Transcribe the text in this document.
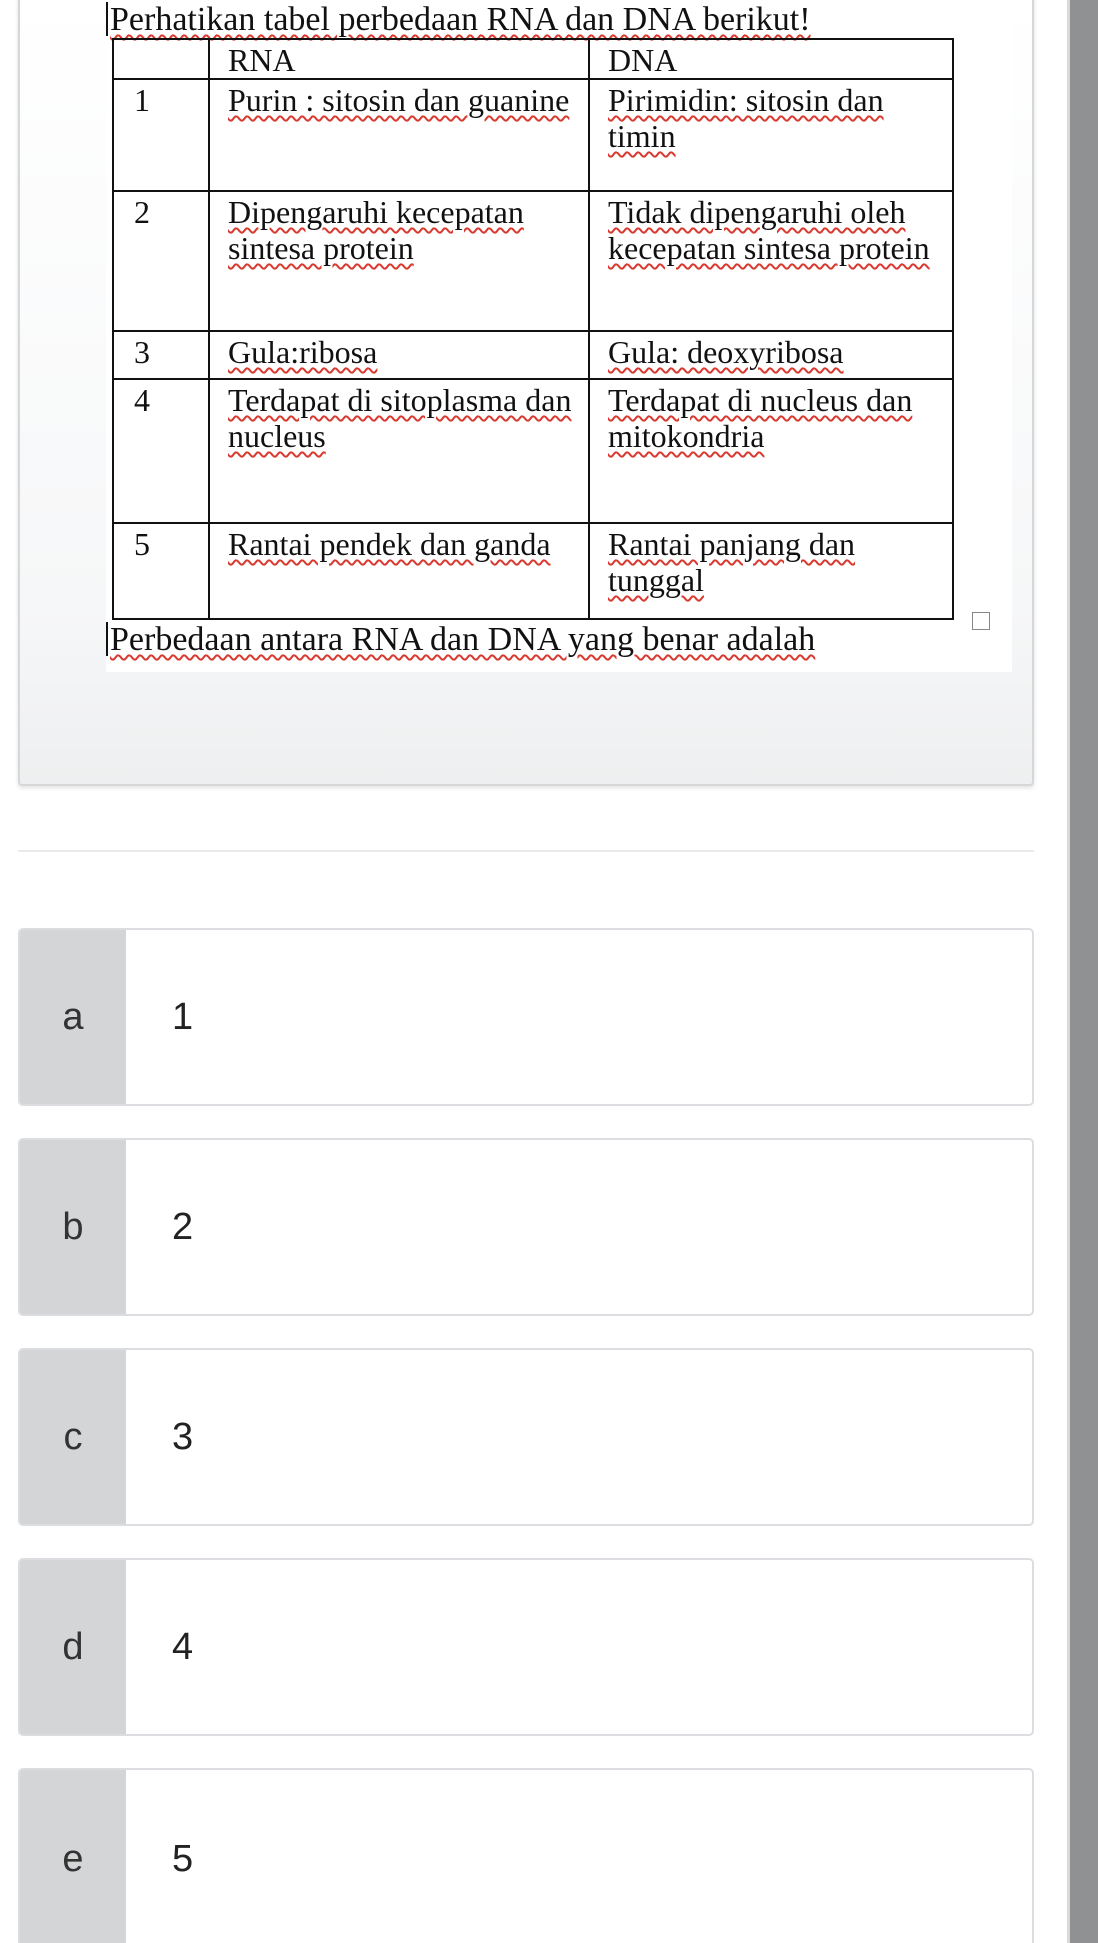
Perhatikan tabel perbedaan RNA dan DNA berikut!
	RNA	DNA
1	Purin : sitosin dan guanine	Pirimidin: sitosin dan timin
2	Dipengaruhi kecepatan sintesa protein	Tidak dipengaruhi oleh kecepatan sintesa protein
3	Gula:ribosa	Gula: deoxyribosa
4	Terdapat di sitoplasma dan nucleus	Terdapat di nucleus dan mitokondria
5	Rantai pendek dan ganda	Rantai panjang dan tunggal
Perbedaan antara RNA dan DNA yang benar adalah
a	1
b	2
c	3
d	4
e	5
